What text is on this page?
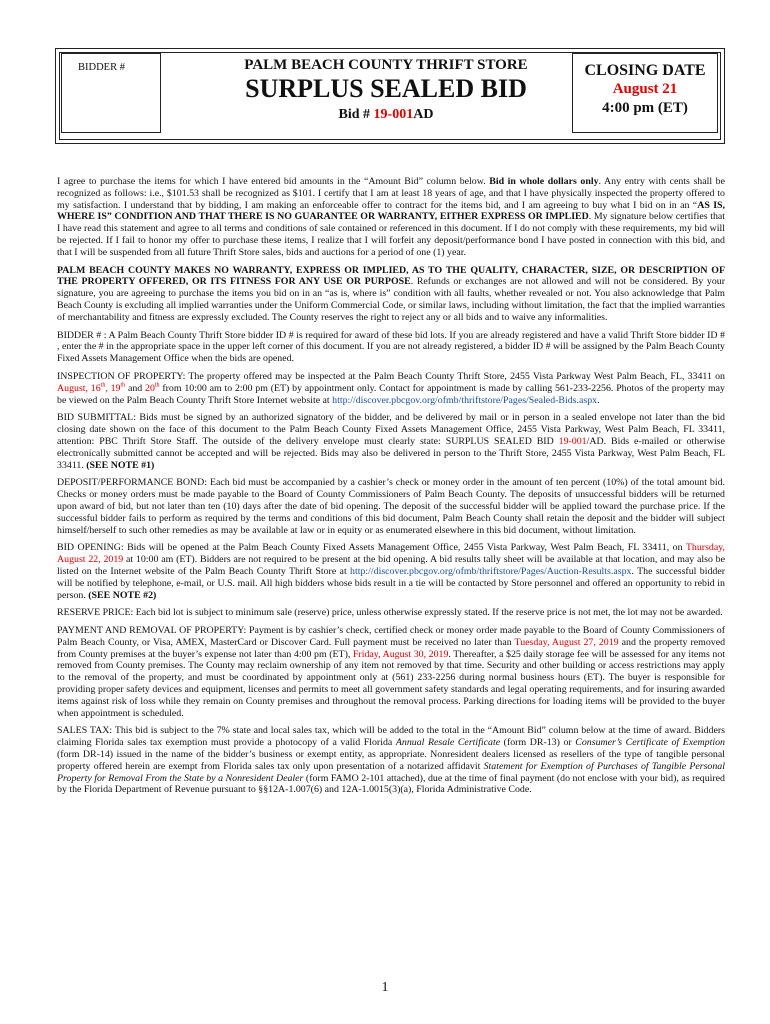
BIDDER #	PALM BEACH COUNTY THRIFT STORE
SURPLUS SEALED BID
Bid # 19-001AD
CLOSING DATE
August 21
4:00 pm (ET)

I agree to purchase the items for which I have entered bid amounts in the “Amount Bid” column below. Bid in whole dollars only. Any entry with cents shall be recognized as follows: i.e., $101.53 shall be recognized as $101. I certify that I am at least 18 years of age, and that I have physically inspected the property offered to my satisfaction. I understand that by bidding, I am making an enforceable offer to contract for the items bid, and I am agreeing to buy what I bid on in an “AS IS, WHERE IS” CONDITION AND THAT THERE IS NO GUARANTEE OR WARRANTY, EITHER EXPRESS OR IMPLIED. My signature below certifies that I have read this statement and agree to all terms and conditions of sale contained or referenced in this document. If I do not comply with these requirements, my bid will be rejected. If I fail to honor my offer to purchase these items, I realize that I will forfeit any deposit/performance bond I have posted in connection with this bid, and that I will be suspended from all future Thrift Store sales, bids and auctions for a period of one (1) year.

PALM BEACH COUNTY MAKES NO WARRANTY, EXPRESS OR IMPLIED, AS TO THE QUALITY, CHARACTER, SIZE, OR DESCRIPTION OF THE PROPERTY OFFERED, OR ITS FITNESS FOR ANY USE OR PURPOSE. Refunds or exchanges are not allowed and will not be considered. By your signature, you are agreeing to purchase the items you bid on in an “as is, where is” condition with all faults, whether revealed or not. You also acknowledge that Palm Beach County is excluding all implied warranties under the Uniform Commercial Code, or similar laws, including without limitation, the fact that the implied warranties of merchantability and fitness are expressly excluded. The County reserves the right to reject any or all bids and to waive any informalities.

BIDDER # : A Palm Beach County Thrift Store bidder ID # is required for award of these bid lots. If you are already registered and have a valid Thrift Store bidder ID # , enter the # in the appropriate space in the upper left corner of this document. If you are not already registered, a bidder ID # will be assigned by the Palm Beach County Fixed Assets Management Office when the bids are opened.

INSPECTION OF PROPERTY: The property offered may be inspected at the Palm Beach County Thrift Store, 2455 Vista Parkway West Palm Beach, FL, 33411 on August, 16th, 19th and 20th from 10:00 am to 2:00 pm (ET) by appointment only. Contact for appointment is made by calling 561-233-2256. Photos of the property may be viewed on the Palm Beach County Thrift Store Internet website at http://discover.pbcgov.org/ofmb/thriftstore/Pages/Sealed-Bids.aspx.

BID SUBMITTAL: Bids must be signed by an authorized signatory of the bidder, and be delivered by mail or in person in a sealed envelope not later than the bid closing date shown on the face of this document to the Palm Beach County Fixed Assets Management Office, 2455 Vista Parkway, West Palm Beach, FL 33411, attention: PBC Thrift Store Staff. The outside of the delivery envelope must clearly state: SURPLUS SEALED BID 19-001/AD. Bids e-mailed or otherwise electronically submitted cannot be accepted and will be rejected. Bids may also be delivered in person to the Thrift Store, 2455 Vista Parkway, West Palm Beach, FL 33411. (SEE NOTE #1)

DEPOSIT/PERFORMANCE BOND: Each bid must be accompanied by a cashier’s check or money order in the amount of ten percent (10%) of the total amount bid. Checks or money orders must be made payable to the Board of County Commissioners of Palm Beach County. The deposits of unsuccessful bidders will be returned upon award of bid, but not later than ten (10) days after the date of bid opening. The deposit of the successful bidder will be applied toward the purchase price. If the successful bidder fails to perform as required by the terms and conditions of this bid document, Palm Beach County shall retain the deposit and the bidder will subject himself/herself to such other remedies as may be available at law or in equity or as enumerated elsewhere in this bid document, without limitation.

BID OPENING: Bids will be opened at the Palm Beach County Fixed Assets Management Office, 2455 Vista Parkway, West Palm Beach, FL 33411, on Thursday, August 22, 2019 at 10:00 am (ET). Bidders are not required to be present at the bid opening. A bid results tally sheet will be available at that location, and may also be listed on the Internet website of the Palm Beach County Thrift Store at http://discover.pbcgov.org/ofmb/thriftstore/Pages/Auction-Results.aspx. The successful bidder will be notified by telephone, e-mail, or U.S. mail. All high bidders whose bids result in a tie will be contacted by Store personnel and offered an opportunity to rebid in person. (SEE NOTE #2)

RESERVE PRICE: Each bid lot is subject to minimum sale (reserve) price, unless otherwise expressly stated. If the reserve price is not met, the lot may not be awarded.

PAYMENT AND REMOVAL OF PROPERTY: Payment is by cashier’s check, certified check or money order made payable to the Board of County Commissioners of Palm Beach County, or Visa, AMEX, MasterCard or Discover Card. Full payment must be received no later than Tuesday, August 27, 2019 and the property removed from County premises at the buyer’s expense not later than 4:00 pm (ET), Friday, August 30, 2019. Thereafter, a $25 daily storage fee will be assessed for any items not removed from County premises. The County may reclaim ownership of any item not removed by that time. Security and other building or access restrictions may apply to the removal of the property, and must be coordinated by appointment only at (561) 233-2256 during normal business hours (ET). The buyer is responsible for providing proper safety devices and equipment, licenses and permits to meet all government safety standards and legal operating requirements, and for insuring awarded items against risk of loss while they remain on County premises and throughout the removal process. Parking directions for loading items will be provided to the buyer when appointment is scheduled.

SALES TAX: This bid is subject to the 7% state and local sales tax, which will be added to the total in the “Amount Bid” column below at the time of award. Bidders claiming Florida sales tax exemption must provide a photocopy of a valid Florida Annual Resale Certificate (form DR-13) or Consumer’s Certificate of Exemption (form DR-14) issued in the name of the bidder’s business or exempt entity, as appropriate. Nonresident dealers licensed as resellers of the type of tangible personal property offered herein are exempt from Florida sales tax only upon presentation of a notarized affidavit Statement for Exemption of Purchases of Tangible Personal Property for Removal From the State by a Nonresident Dealer (form FAMO 2-101 attached), due at the time of final payment (do not enclose with your bid), as required by the Florida Department of Revenue pursuant to §§12A-1.007(6) and 12A-1.0015(3)(a), Florida Administrative Code.

1
